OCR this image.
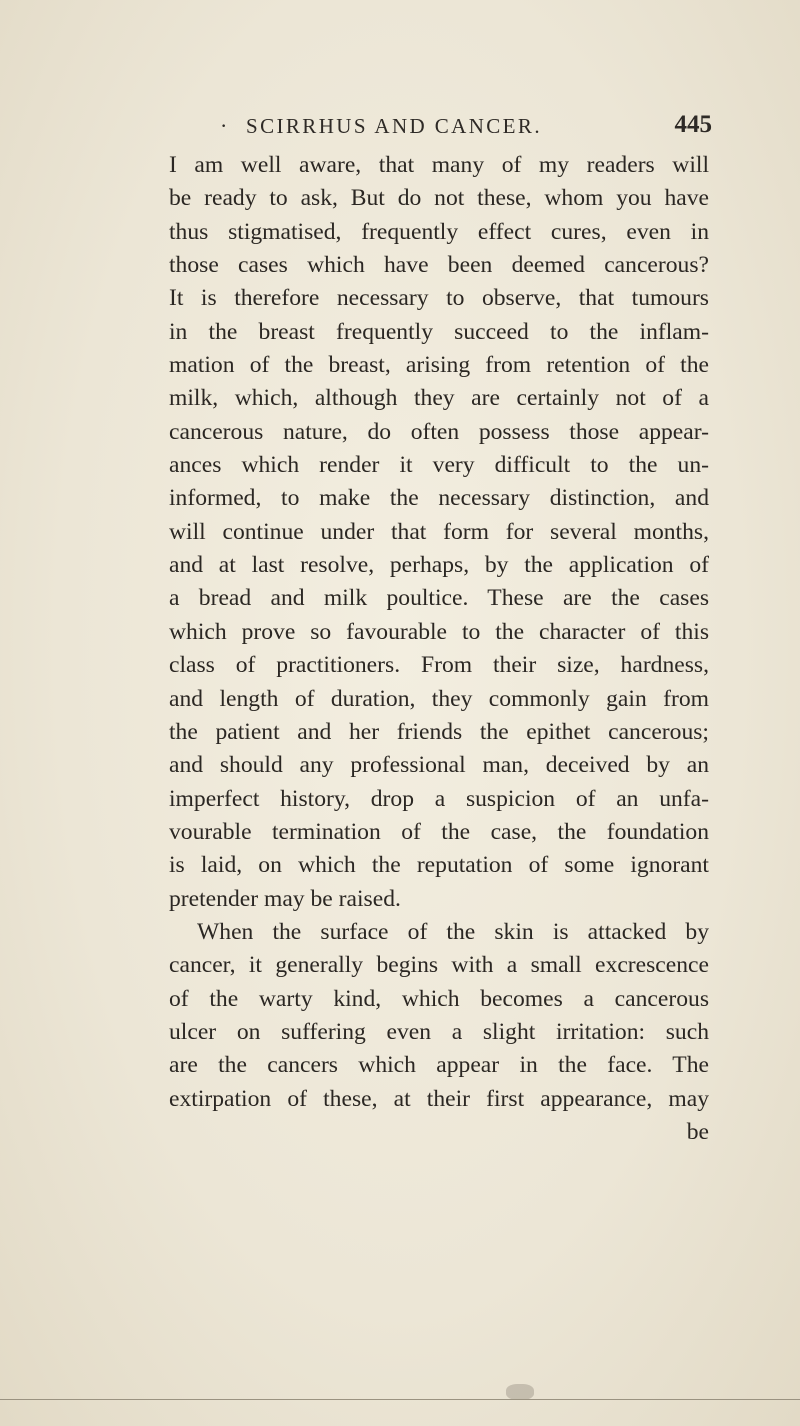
· SCIRRHUS AND CANCER.	445
I am well aware, that many of my readers will
be ready to ask, But do not these, whom you have
thus stigmatised, frequently effect cures, even in
those cases which have been deemed cancerous?
It is therefore necessary to observe, that tumours
in the breast frequently succeed to the inflam-
mation of the breast, arising from retention of the
milk, which, although they are certainly not of a
cancerous nature, do often possess those appear-
ances which render it very difficult to the un-
informed, to make the necessary distinction, and
will continue under that form for several months,
and at last resolve, perhaps, by the application of
a bread and milk poultice. These are the cases
which prove so favourable to the character of this
class of practitioners. From their size, hardness,
and length of duration, they commonly gain from
the patient and her friends the epithet cancerous;
and should any professional man, deceived by an
imperfect history, drop a suspicion of an unfa-
vourable termination of the case, the foundation
is laid, on which the reputation of some ignorant
pretender may be raised.
When the surface of the skin is attacked by
cancer, it generally begins with a small excrescence
of the warty kind, which becomes a cancerous
ulcer on suffering even a slight irritation: such
are the cancers which appear in the face. The
extirpation of these, at their first appearance, may
be
